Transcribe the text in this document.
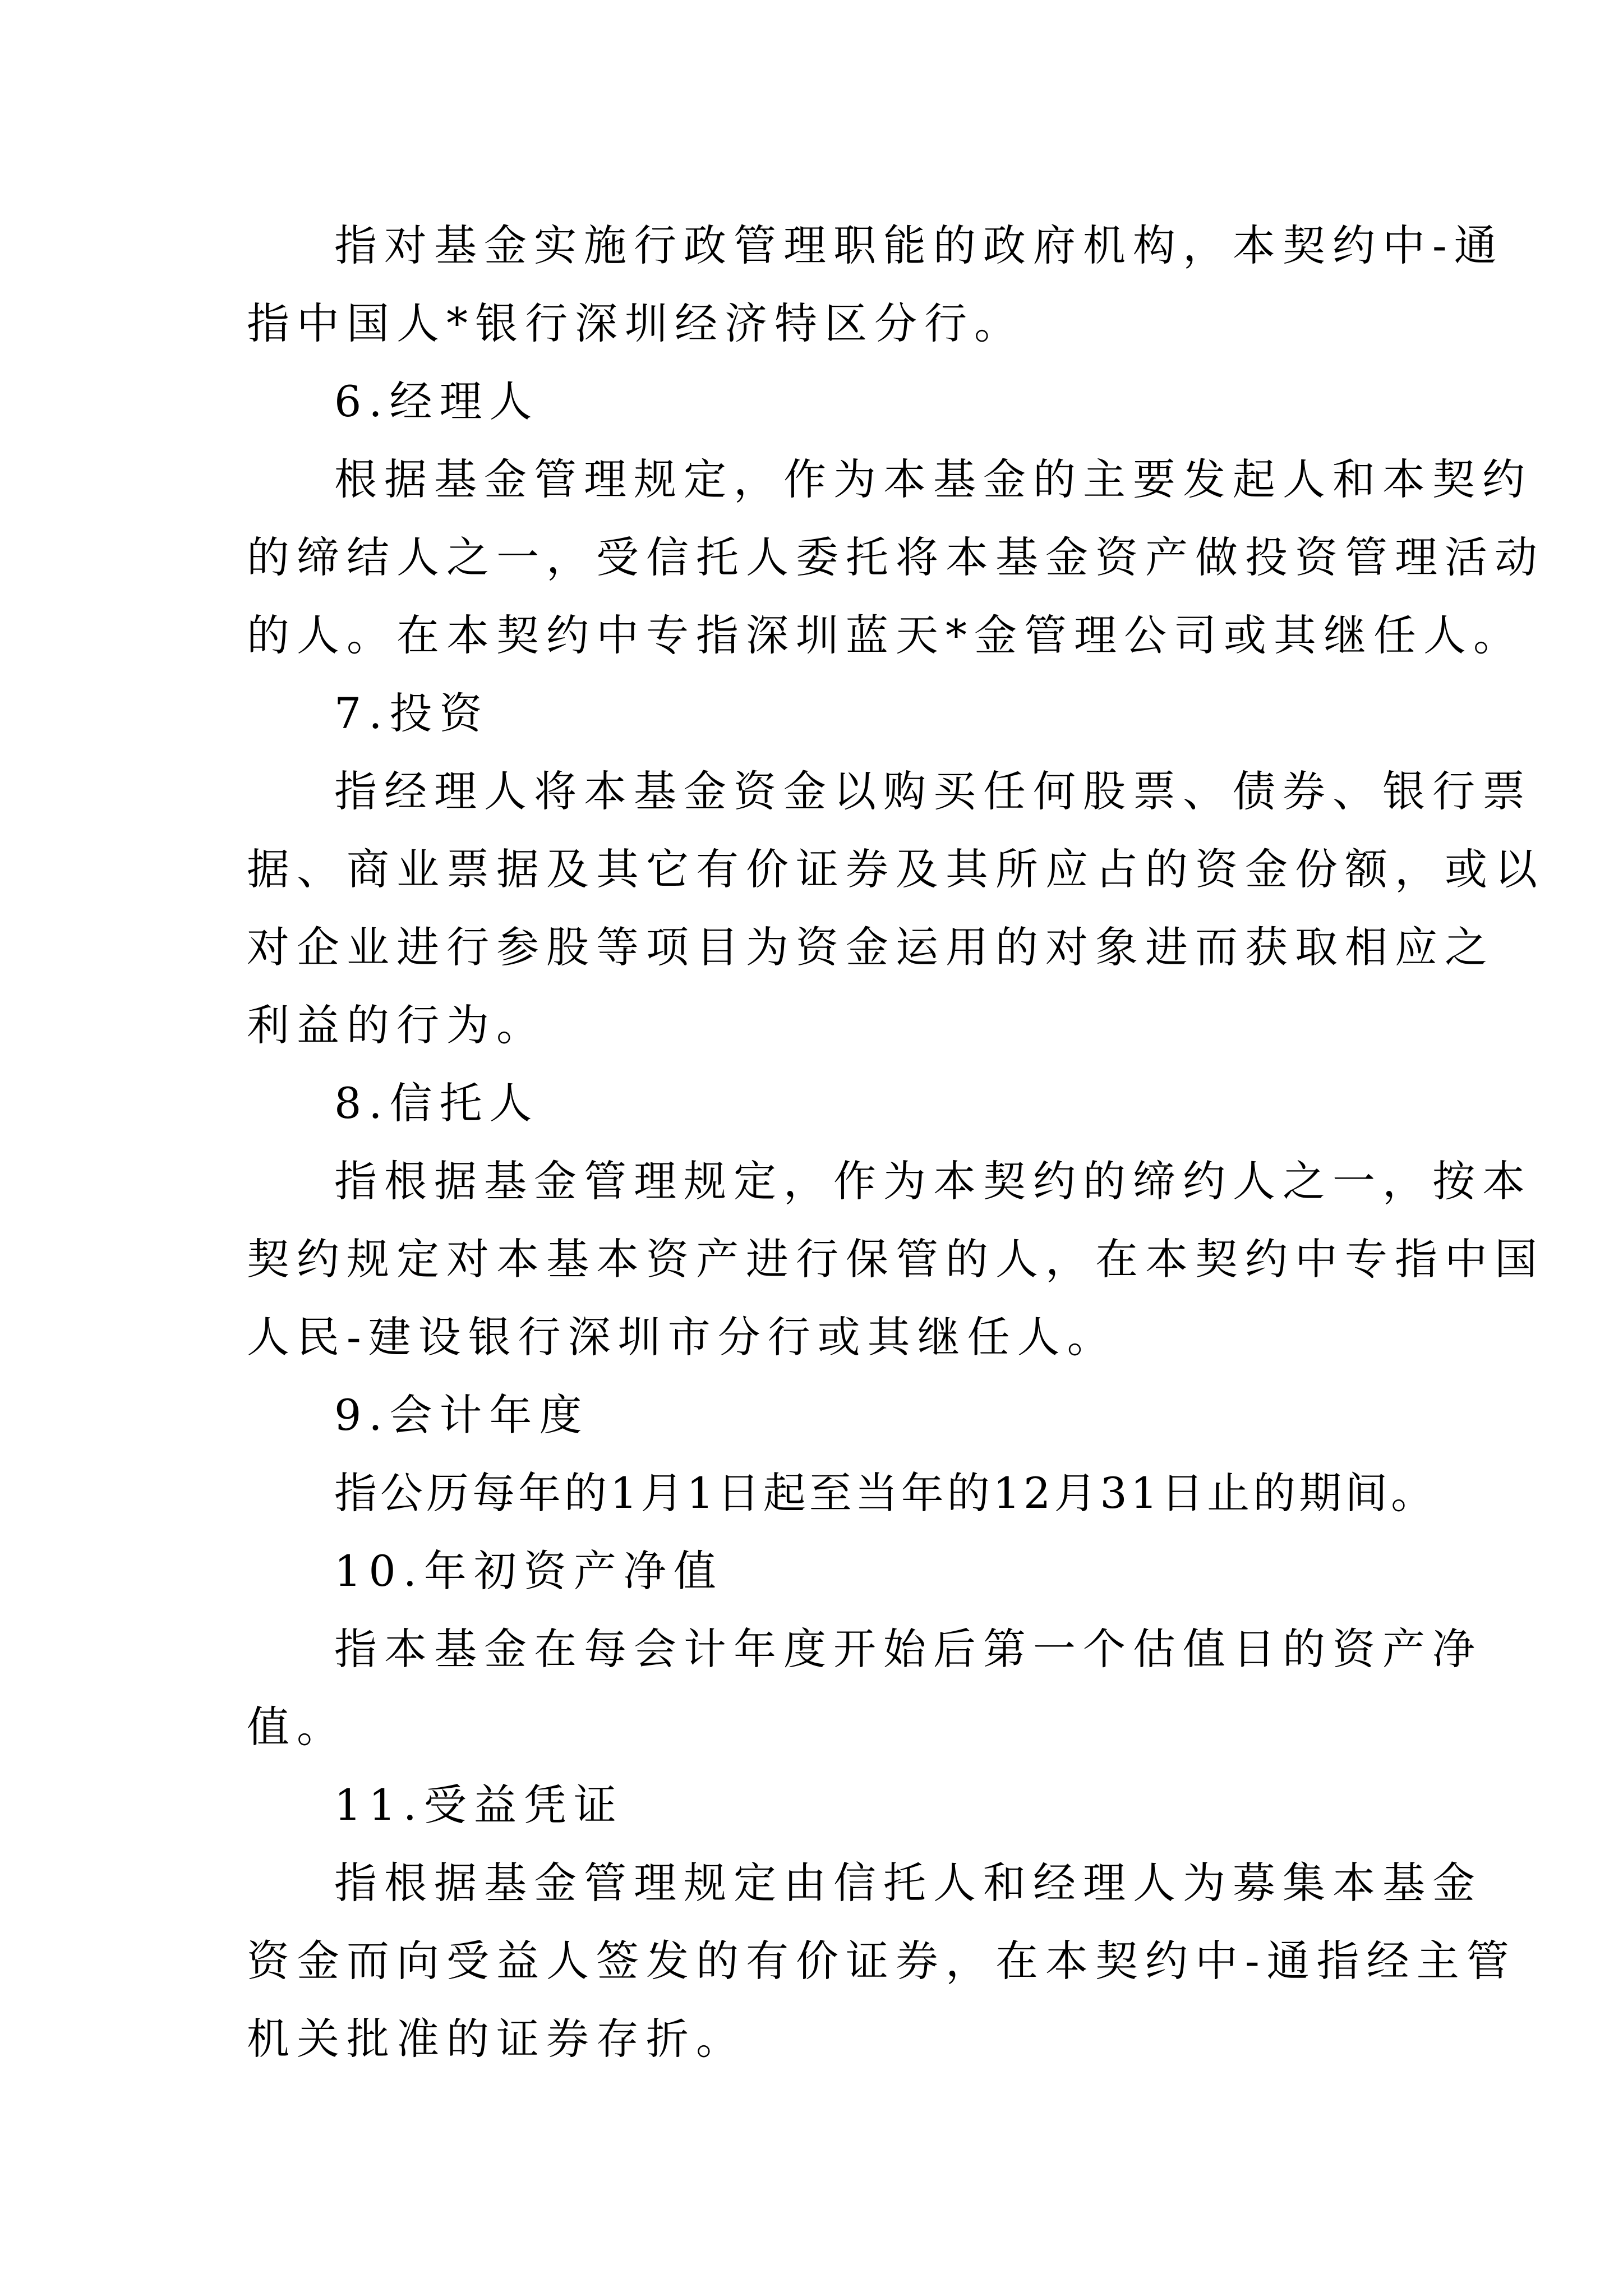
指对基金实施行政管理职能的政府机构，本契约中-通
指中国人*银行深圳经济特区分行。
6.经理人
根据基金管理规定，作为本基金的主要发起人和本契约
的缔结人之一，受信托人委托将本基金资产做投资管理活动
的人。在本契约中专指深圳蓝天*金管理公司或其继任人。
7.投资
指经理人将本基金资金以购买任何股票、债券、银行票
据、商业票据及其它有价证券及其所应占的资金份额，或以
对企业进行参股等项目为资金运用的对象进而获取相应之
利益的行为。
8.信托人
指根据基金管理规定，作为本契约的缔约人之一，按本
契约规定对本基本资产进行保管的人，在本契约中专指中国
人民-建设银行深圳市分行或其继任人。
9.会计年度
指公历每年的1月1日起至当年的12月31日止的期间。
10.年初资产净值
指本基金在每会计年度开始后第一个估值日的资产净
值。
11.受益凭证
指根据基金管理规定由信托人和经理人为募集本基金
资金而向受益人签发的有价证券，在本契约中-通指经主管
机关批准的证券存折。
